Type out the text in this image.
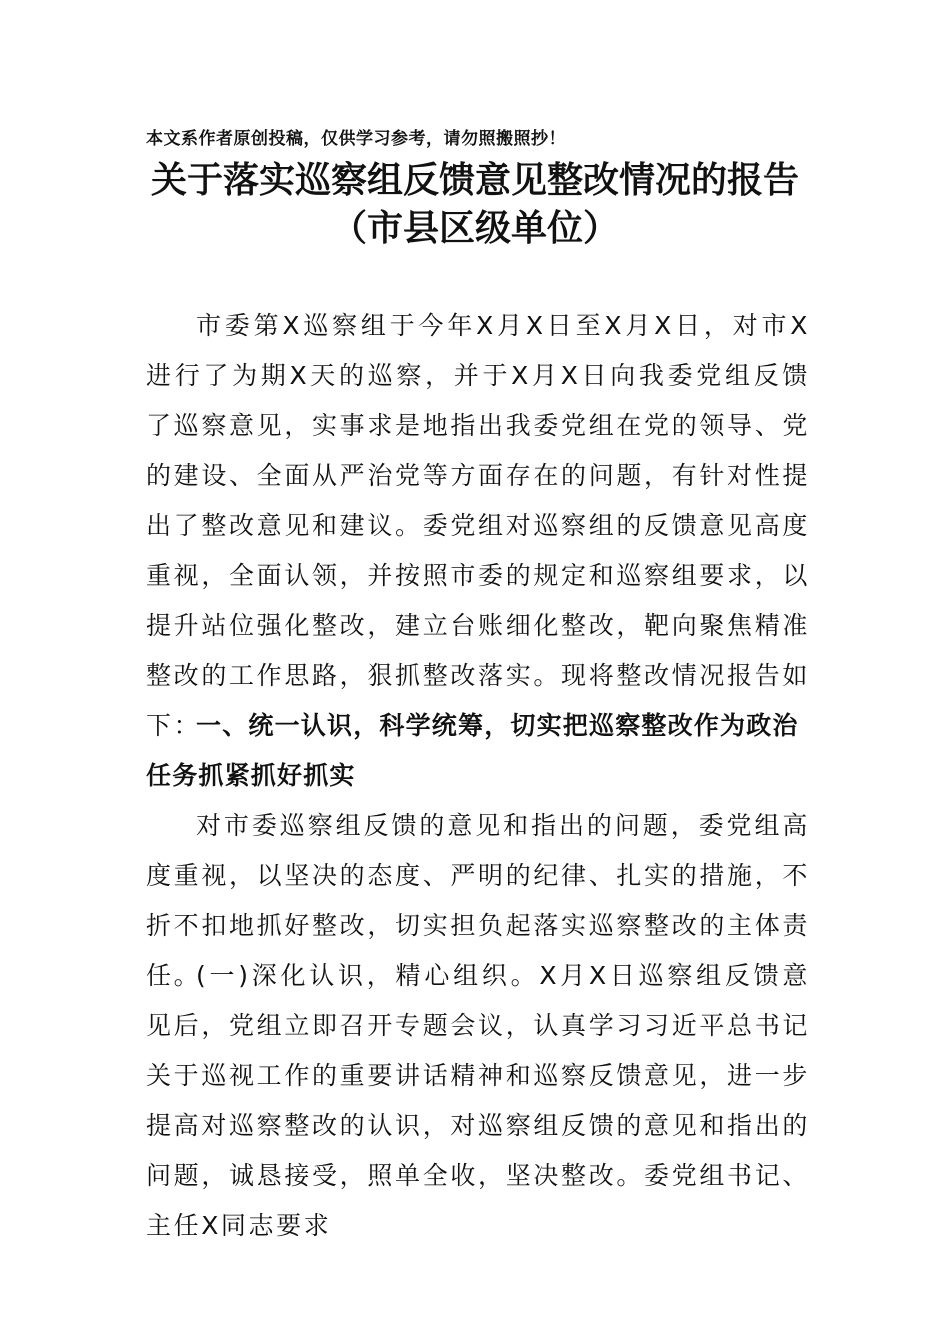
本文系作者原创投稿，仅供学习参考，请勿照搬照抄！
关于落实巡察组反馈意见整改情况的报告
（市县区级单位）

市委第X巡察组于今年X月X日至X月X日，对市X进行了为期X天的巡察，并于X月X日向我委党组反馈了巡察意见，实事求是地指出我委党组在党的领导、党的建设、全面从严治党等方面存在的问题，有针对性提出了整改意见和建议。委党组对巡察组的反馈意见高度重视，全面认领，并按照市委的规定和巡察组要求，以提升站位强化整改，建立台账细化整改，靶向聚焦精准整改的工作思路，狠抓整改落实。现将整改情况报告如下：

一、统一认识，科学统筹，切实把巡察整改作为政治任务抓紧抓好抓实

对市委巡察组反馈的意见和指出的问题，委党组高度重视，以坚决的态度、严明的纪律、扎实的措施，不折不扣地抓好整改，切实担负起落实巡察整改的主体责任。

(一)深化认识，精心组织。X月X日巡察组反馈意见后，党组立即召开专题会议，认真学习习近平总书记关于巡视工作的重要讲话精神和巡察反馈意见，进一步提高对巡察整改的认识，对巡察组反馈的意见和指出的问题，诚恳接受，照单全收，坚决整改。委党组书记、主任X同志要求
